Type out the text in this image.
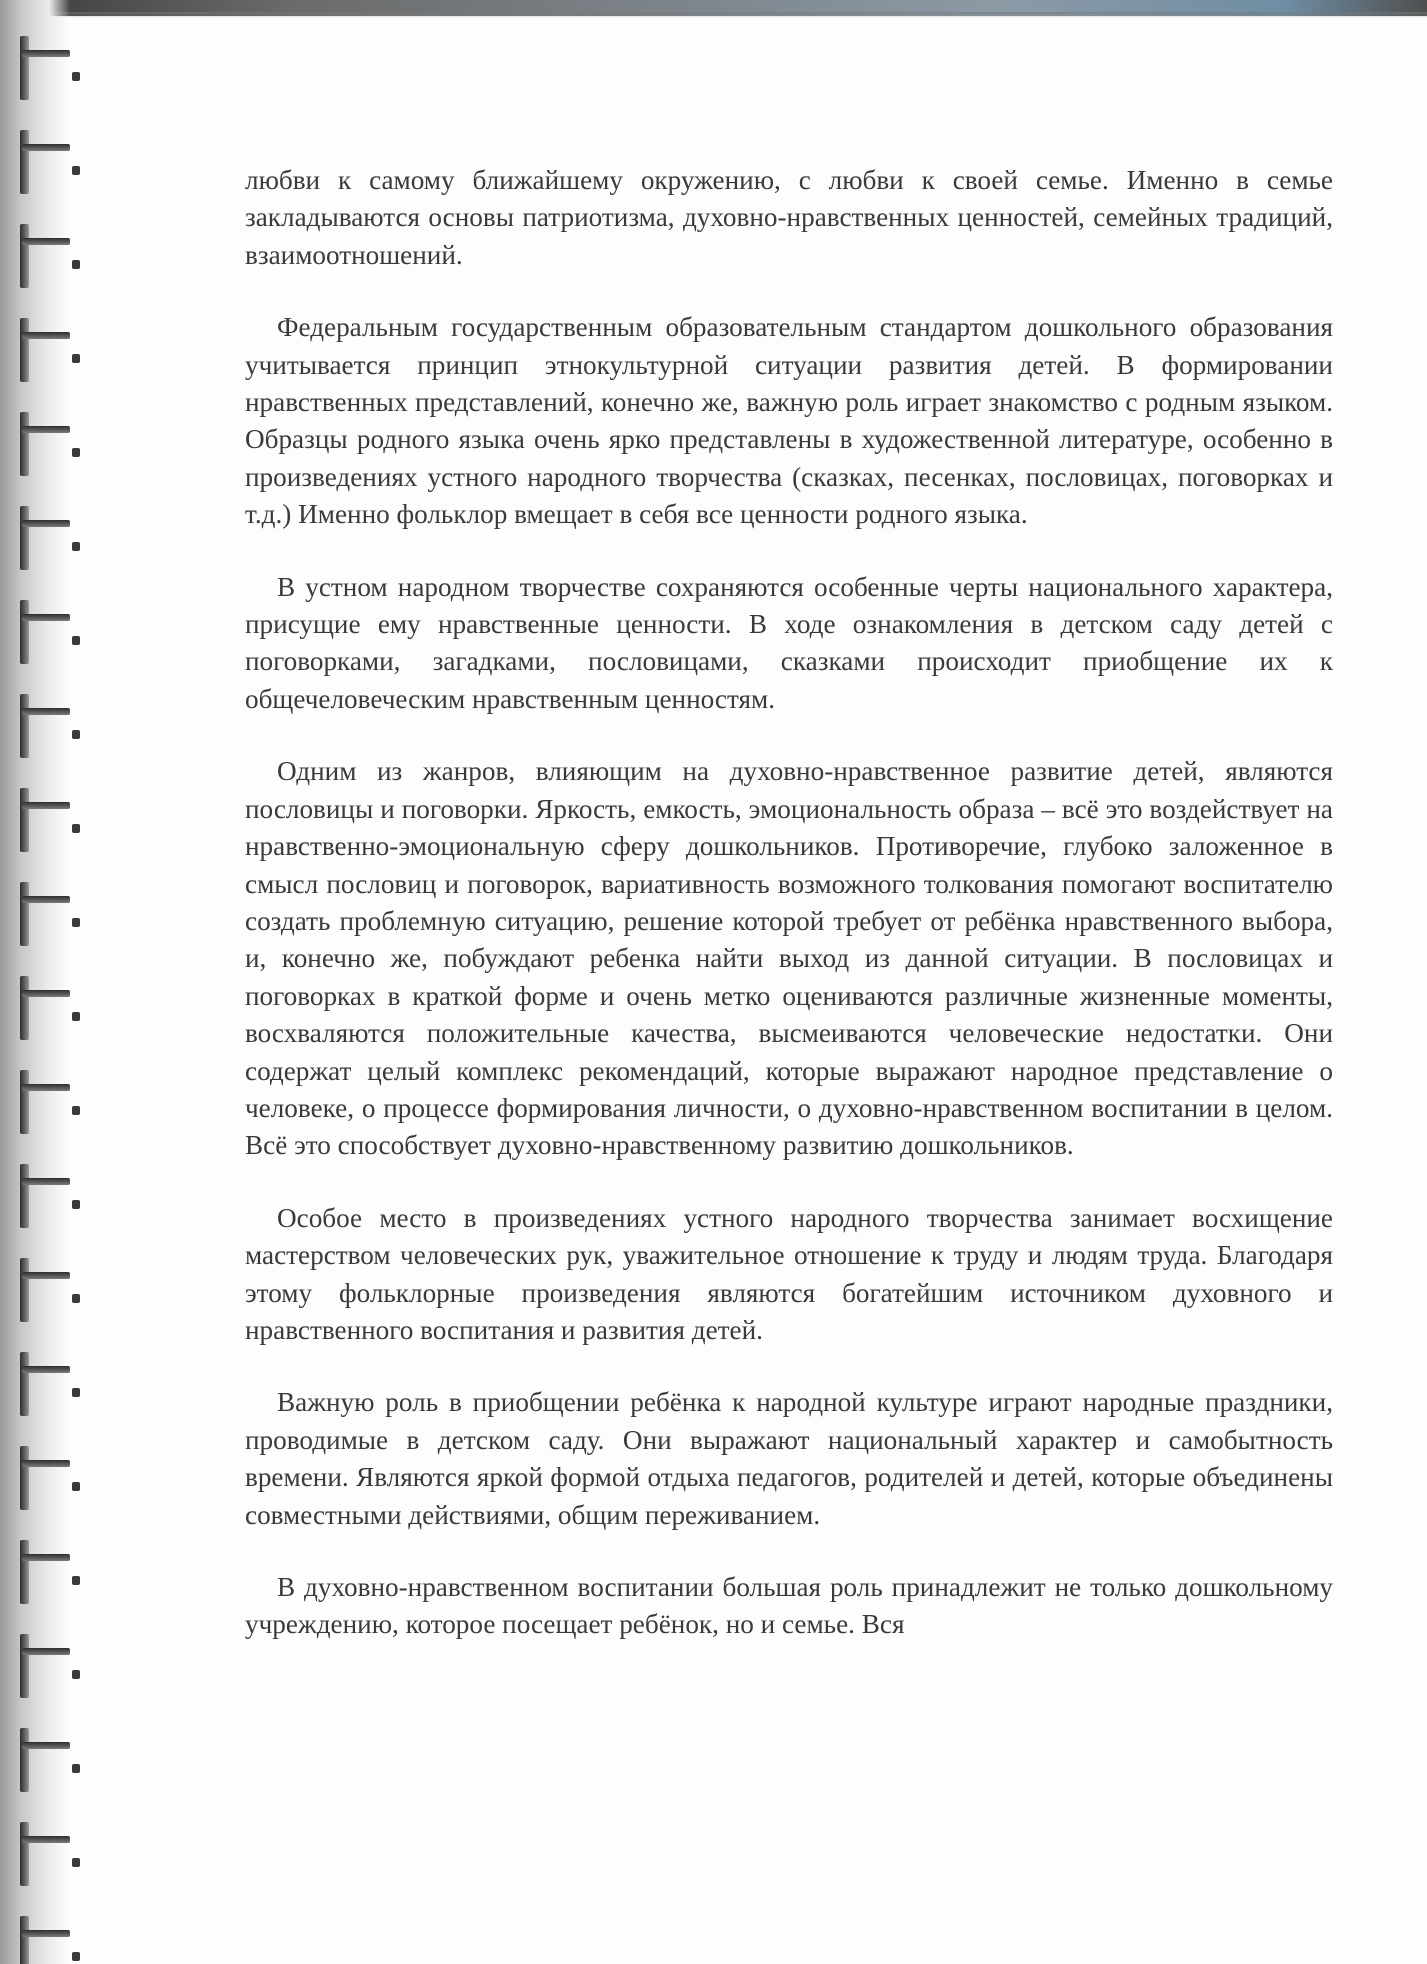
любви к самому ближайшему окружению, с любви к своей семье. Именно в семье закладываются основы патриотизма, духовно-нравственных ценностей, семейных традиций, взаимоотношений.

Федеральным государственным образовательным стандартом дошкольного образования учитывается принцип этнокультурной ситуации развития детей. В формировании нравственных представлений, конечно же, важную роль играет знакомство с родным языком. Образцы родного языка очень ярко представлены в художественной литературе, особенно в произведениях устного народного творчества (сказках, песенках, пословицах, поговорках и т.д.) Именно фольклор вмещает в себя все ценности родного языка.

В устном народном творчестве сохраняются особенные черты национального характера, присущие ему нравственные ценности. В ходе ознакомления в детском саду детей с поговорками, загадками, пословицами, сказками происходит приобщение их к общечеловеческим нравственным ценностям.

Одним из жанров, влияющим на духовно-нравственное развитие детей, являются пословицы и поговорки. Яркость, емкость, эмоциональность образа – всё это воздействует на нравственно-эмоциональную сферу дошкольников. Противоречие, глубоко заложенное в смысл пословиц и поговорок, вариативность возможного толкования помогают воспитателю создать проблемную ситуацию, решение которой требует от ребёнка нравственного выбора, и, конечно же, побуждают ребенка найти выход из данной ситуации. В пословицах и поговорках в краткой форме и очень метко оцениваются различные жизненные моменты, восхваляются положительные качества, высмеиваются человеческие недостатки. Они содержат целый комплекс рекомендаций, которые выражают народное представление о человеке, о процессе формирования личности, о духовно-нравственном воспитании в целом. Всё это способствует духовно-нравственному развитию дошкольников.

Особое место в произведениях устного народного творчества занимает восхищение мастерством человеческих рук, уважительное отношение к труду и людям труда. Благодаря этому фольклорные произведения являются богатейшим источником духовного и нравственного воспитания и развития детей.

Важную роль в приобщении ребёнка к народной культуре играют народные праздники, проводимые в детском саду. Они выражают национальный характер и самобытность времени. Являются яркой формой отдыха педагогов, родителей и детей, которые объединены совместными действиями, общим переживанием.

В духовно-нравственном воспитании большая роль принадлежит не только дошкольному учреждению, которое посещает ребёнок, но и семье. Вся
